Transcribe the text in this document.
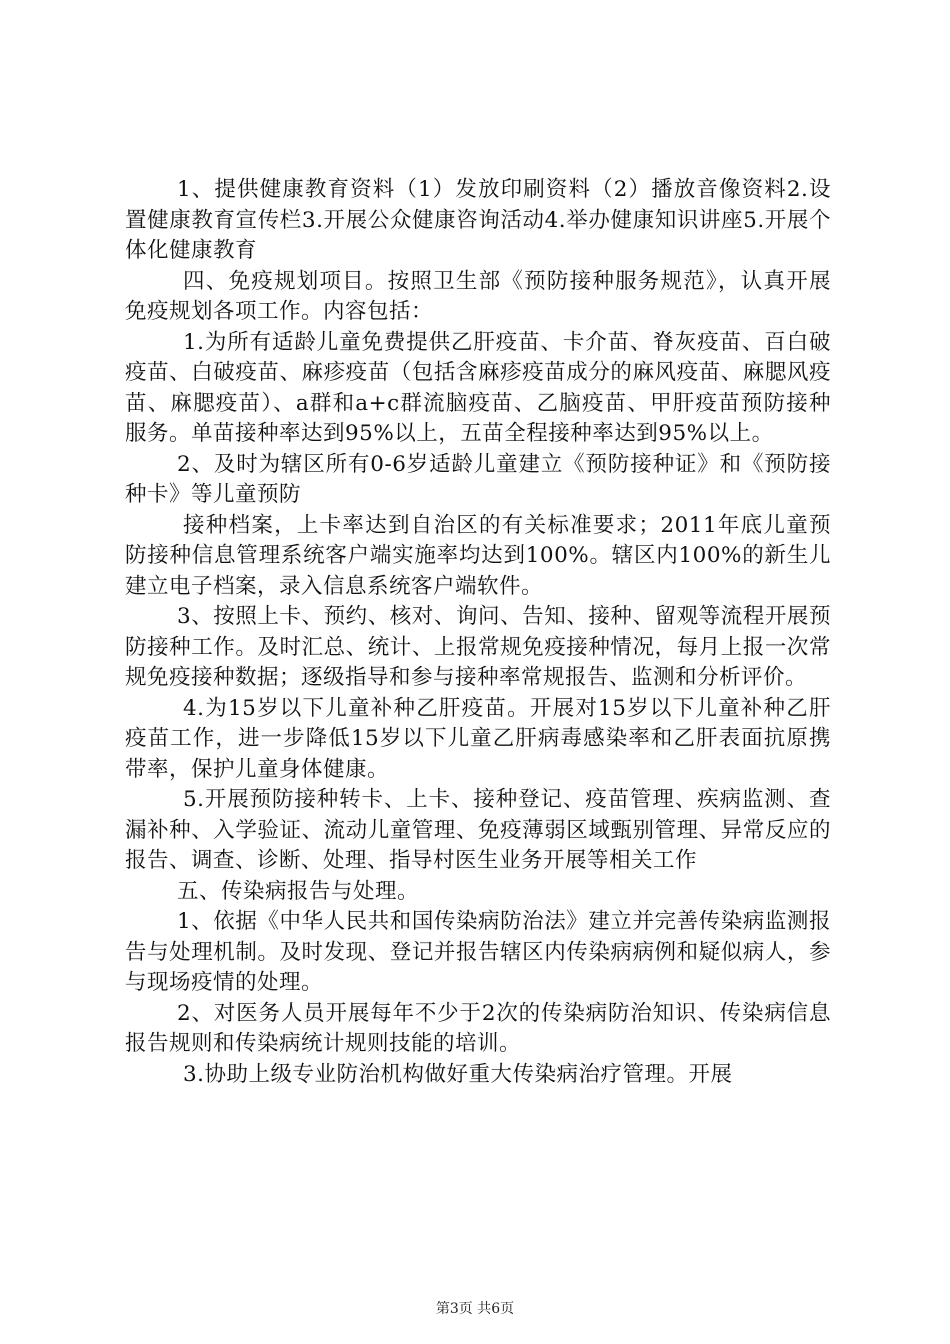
1、提供健康教育资料（1）发放印刷资料（2）播放音像资料2.设置健康教育宣传栏3.开展公众健康咨询活动4.举办健康知识讲座5.开展个体化健康教育

四、免疫规划项目。按照卫生部《预防接种服务规范》，认真开展免疫规划各项工作。内容包括：

1.为所有适龄儿童免费提供乙肝疫苗、卡介苗、脊灰疫苗、百白破疫苗、白破疫苗、麻疹疫苗（包括含麻疹疫苗成分的麻风疫苗、麻腮风疫苗、麻腮疫苗）、a群和a+c群流脑疫苗、乙脑疫苗、甲肝疫苗预防接种服务。单苗接种率达到95%以上，五苗全程接种率达到95%以上。

2、及时为辖区所有0-6岁适龄儿童建立《预防接种证》和《预防接种卡》等儿童预防

接种档案，上卡率达到自治区的有关标准要求；2011年底儿童预防接种信息管理系统客户端实施率均达到100%。辖区内100%的新生儿建立电子档案，录入信息系统客户端软件。

3、按照上卡、预约、核对、询问、告知、接种、留观等流程开展预防接种工作。及时汇总、统计、上报常规免疫接种情况，每月上报一次常规免疫接种数据；逐级指导和参与接种率常规报告、监测和分析评价。

4.为15岁以下儿童补种乙肝疫苗。开展对15岁以下儿童补种乙肝疫苗工作，进一步降低15岁以下儿童乙肝病毒感染率和乙肝表面抗原携带率，保护儿童身体健康。

5.开展预防接种转卡、上卡、接种登记、疫苗管理、疾病监测、查漏补种、入学验证、流动儿童管理、免疫薄弱区域甄别管理、异常反应的报告、调查、诊断、处理、指导村医生业务开展等相关工作

五、传染病报告与处理。

1、依据《中华人民共和国传染病防治法》建立并完善传染病监测报告与处理机制。及时发现、登记并报告辖区内传染病病例和疑似病人，参与现场疫情的处理。

2、对医务人员开展每年不少于2次的传染病防治知识、传染病信息报告规则和传染病统计规则技能的培训。

3.协助上级专业防治机构做好重大传染病治疗管理。开展

第3页 共6页
